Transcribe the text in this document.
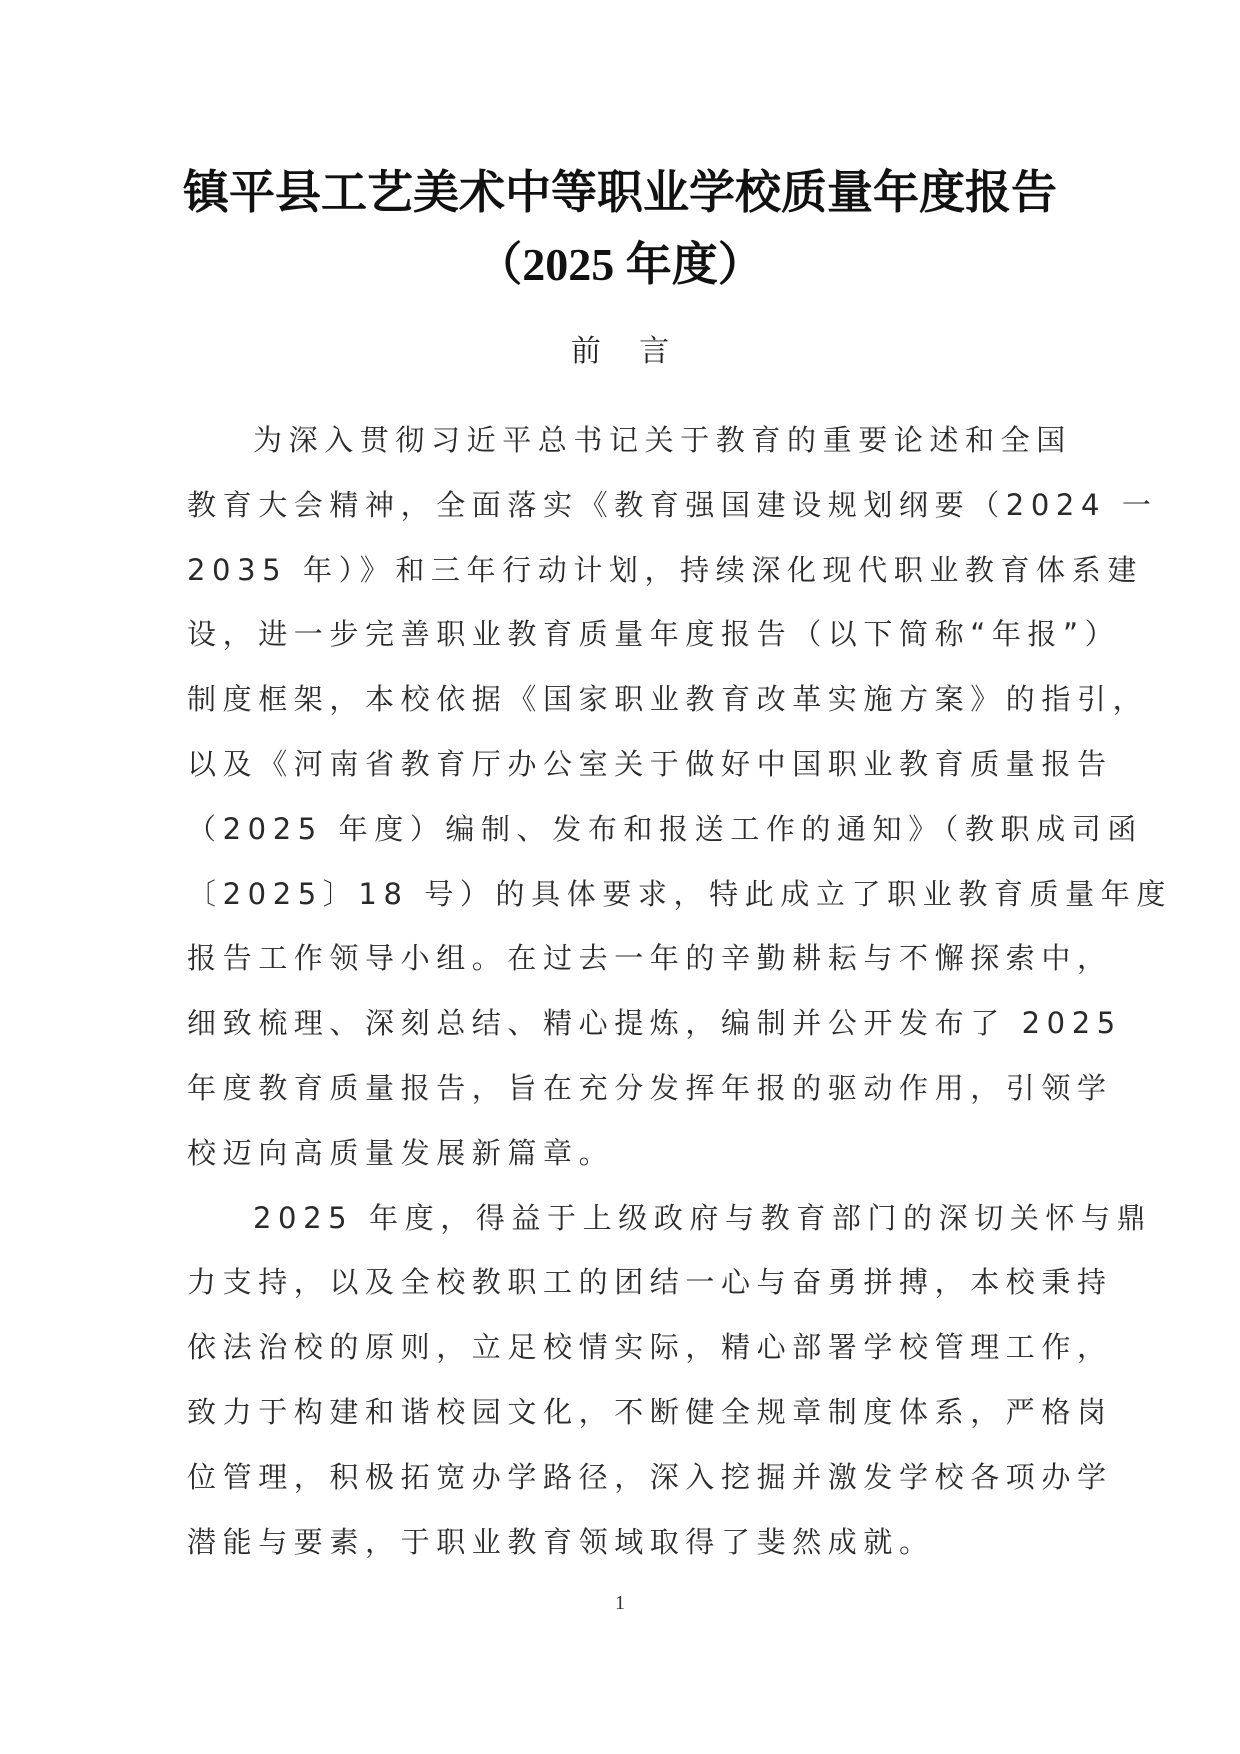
镇平县工艺美术中等职业学校质量年度报告
（2025 年度）
前    言

为深入贯彻习近平总书记关于教育的重要论述和全国
教育大会精神，全面落实《教育强国建设规划纲要（2024 一
2035 年）》和三年行动计划，持续深化现代职业教育体系建
设，进一步完善职业教育质量年度报告（以下简称“年报”）
制度框架，本校依据《国家职业教育改革实施方案》的指引，
以及《河南省教育厅办公室关于做好中国职业教育质量报告
（2025 年度）编制、发布和报送工作的通知》（教职成司函
〔2025〕18 号）的具体要求，特此成立了职业教育质量年度
报告工作领导小组。在过去一年的辛勤耕耘与不懈探索中，
细致梳理、深刻总结、精心提炼，编制并公开发布了 2025
年度教育质量报告，旨在充分发挥年报的驱动作用，引领学
校迈向高质量发展新篇章。

2025 年度，得益于上级政府与教育部门的深切关怀与鼎
力支持，以及全校教职工的团结一心与奋勇拼搏，本校秉持
依法治校的原则，立足校情实际，精心部署学校管理工作，
致力于构建和谐校园文化，不断健全规章制度体系，严格岗
位管理，积极拓宽办学路径，深入挖掘并激发学校各项办学
潜能与要素，于职业教育领域取得了斐然成就。

1
